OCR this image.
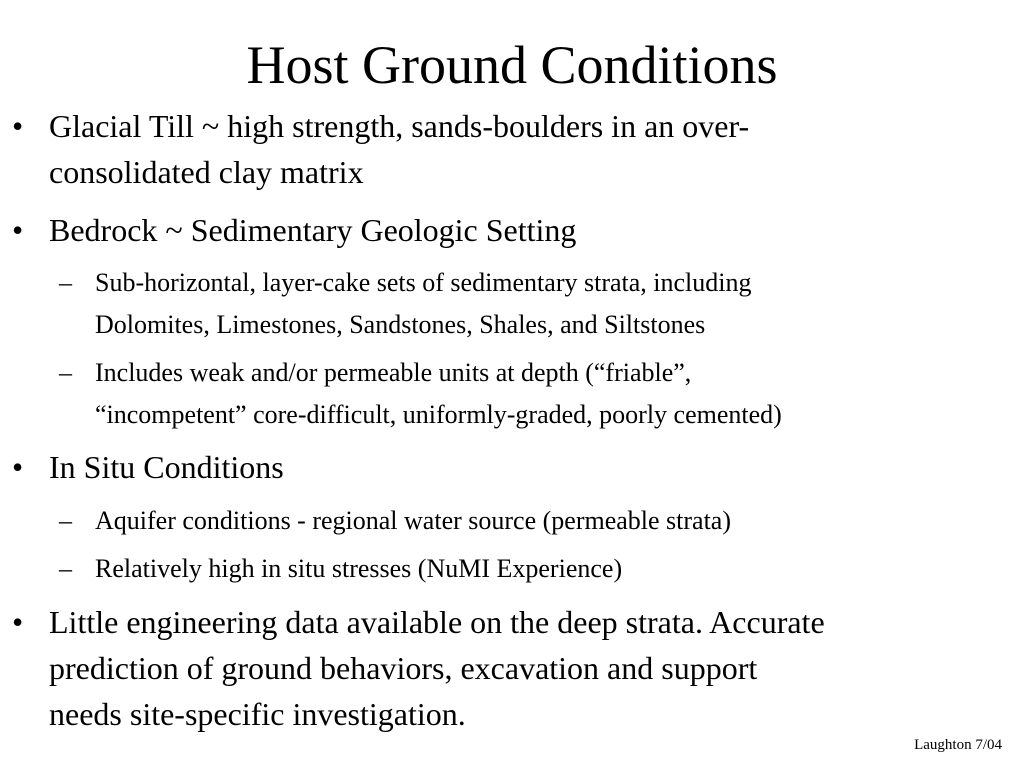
Host Ground Conditions
• Glacial Till ~ high strength, sands-boulders in an over-
consolidated clay matrix
• Bedrock ~ Sedimentary Geologic Setting
– Sub-horizontal, layer-cake sets of sedimentary strata, including
Dolomites, Limestones, Sandstones, Shales, and Siltstones
– Includes weak and/or permeable units at depth (“friable”,
“incompetent” core-difficult, uniformly-graded, poorly cemented)
• In Situ Conditions
– Aquifer conditions - regional water source (permeable strata)
– Relatively high in situ stresses (NuMI Experience)
• Little engineering data available on the deep strata. Accurate
prediction of ground behaviors, excavation and support
needs site-specific investigation.
Laughton 7/04
